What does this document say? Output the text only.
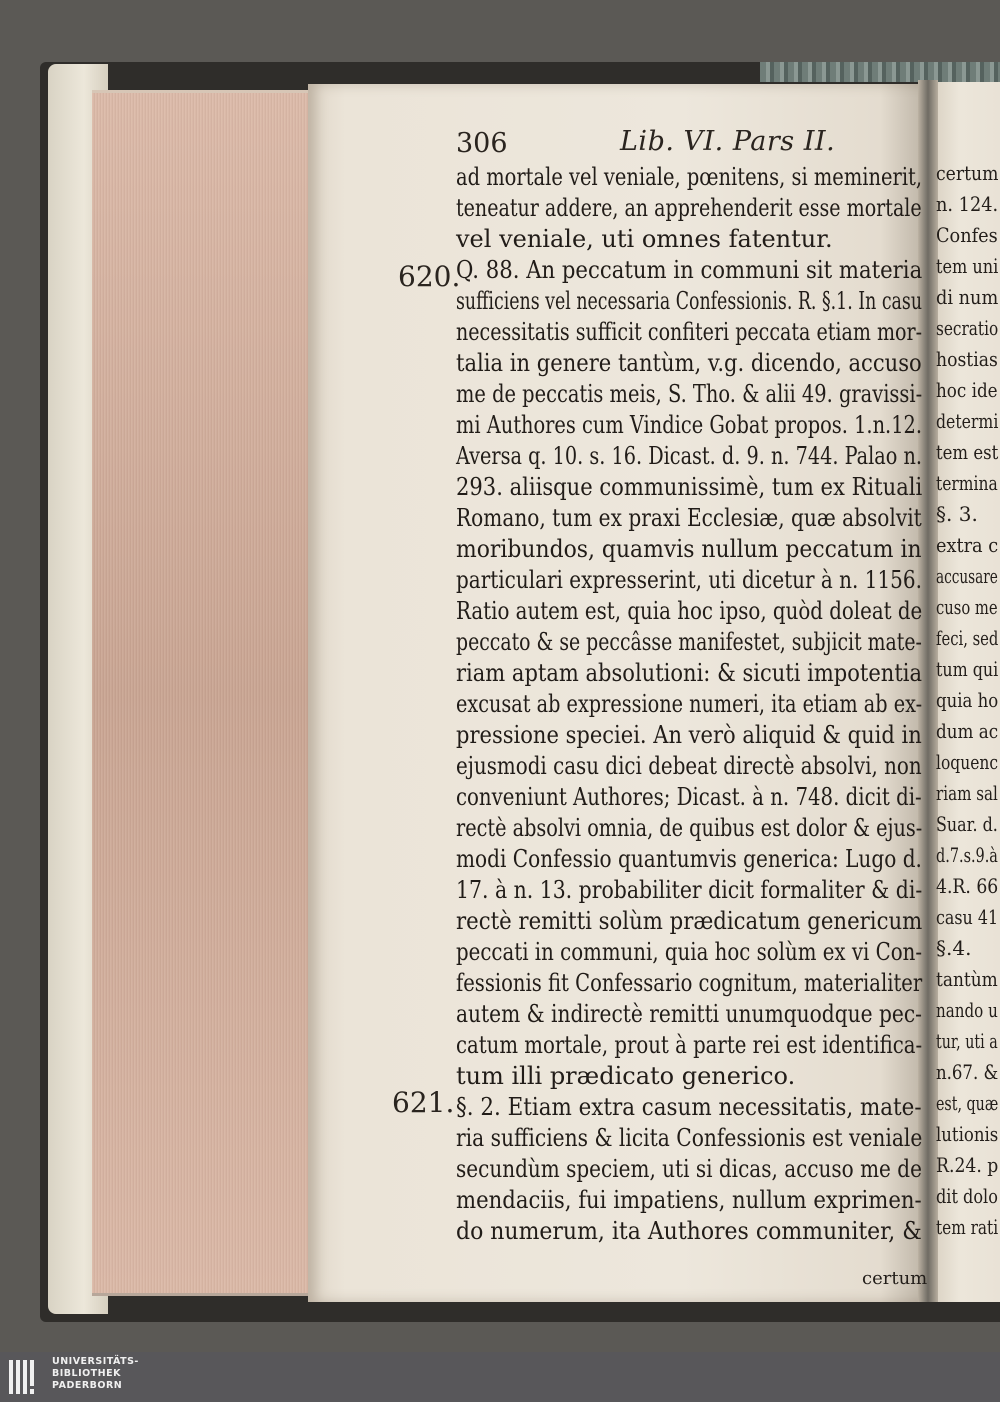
306	Lib. VI. Pars II.
620.
621.
ad mortale vel veniale, pœnitens, si meminerit,
teneatur addere, an apprehenderit esse mortale
vel veniale, uti omnes fatentur.
Q. 88. An peccatum in communi sit materia
sufficiens vel necessaria Confessionis. R. §.1. In casu
necessitatis sufficit confiteri peccata etiam mor-
talia in genere tantùm, v.g. dicendo, accuso
me de peccatis meis, S. Tho. & alii 49. gravissi-
mi Authores cum Vindice Gobat propos. 1.n.12.
Aversa q. 10. s. 16. Dicast. d. 9. n. 744. Palao n.
293. aliisque communissimè, tum ex Rituali
Romano, tum ex praxi Ecclesiæ, quæ absolvit
moribundos, quamvis nullum peccatum in
particulari expresserint, uti dicetur à n. 1156.
Ratio autem est, quia hoc ipso, quòd doleat de
peccato & se peccâsse manifestet, subjicit mate-
riam aptam absolutioni: & sicuti impotentia
excusat ab expressione numeri, ita etiam ab ex-
pressione speciei. An verò aliquid & quid in
ejusmodi casu dici debeat directè absolvi, non
conveniunt Authores; Dicast. à n. 748. dicit di-
rectè absolvi omnia, de quibus est dolor & ejus-
modi Confessio quantumvis generica: Lugo d.
17. à n. 13. probabiliter dicit formaliter & di-
rectè remitti solùm prædicatum genericum
peccati in communi, quia hoc solùm ex vi Con-
fessionis fit Confessario cognitum, materialiter
autem & indirectè remitti unumquodque pec-
catum mortale, prout à parte rei est identifica-
tum illi prædicato generico.
§. 2. Etiam extra casum necessitatis, mate-
ria sufficiens & licita Confessionis est veniale
secundùm speciem, uti si dicas, accuso me de
mendaciis, fui impatiens, nullum exprimen-
do numerum, ita Authores communiter, &
certum
n. 124.
Confes
tem uni
di num
secratio
hostias
hoc ide
determi
tem est
termina
§. 3.
extra c
accusare
cuso me
feci, sed
tum qui
quia ho
dum ac
loquenc
riam sal
Suar. d.
d.7.s.9.à
4.R. 66
casu 41
§.4.
tantùm
nando u
tur, uti a
n.67. &
est, quæ
lutionis
R.24. p
dit dolo
tem rati
certum
UNIVERSITÄTS-
BIBLIOTHEK
PADERBORN
